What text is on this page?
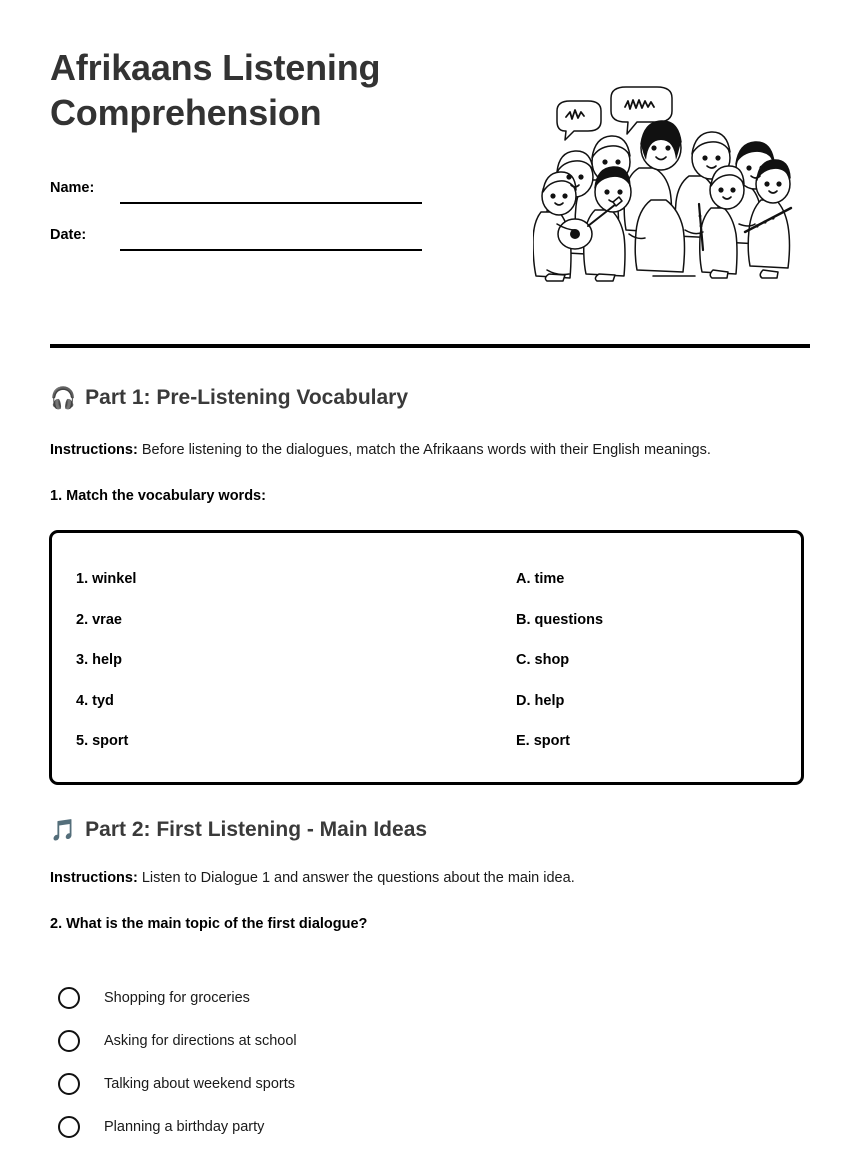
Afrikaans Listening Comprehension
Name:
Date:
🎧 Part 1: Pre-Listening Vocabulary
Instructions: Before listening to the dialogues, match the Afrikaans words with their English meanings.
1. Match the vocabulary words:
1. winkel	A. time
2. vrae	B. questions
3. help	C. shop
4. tyd	D. help
5. sport	E. sport
🎵 Part 2: First Listening - Main Ideas
Instructions: Listen to Dialogue 1 and answer the questions about the main idea.
2. What is the main topic of the first dialogue?
Shopping for groceries
Asking for directions at school
Talking about weekend sports
Planning a birthday party
